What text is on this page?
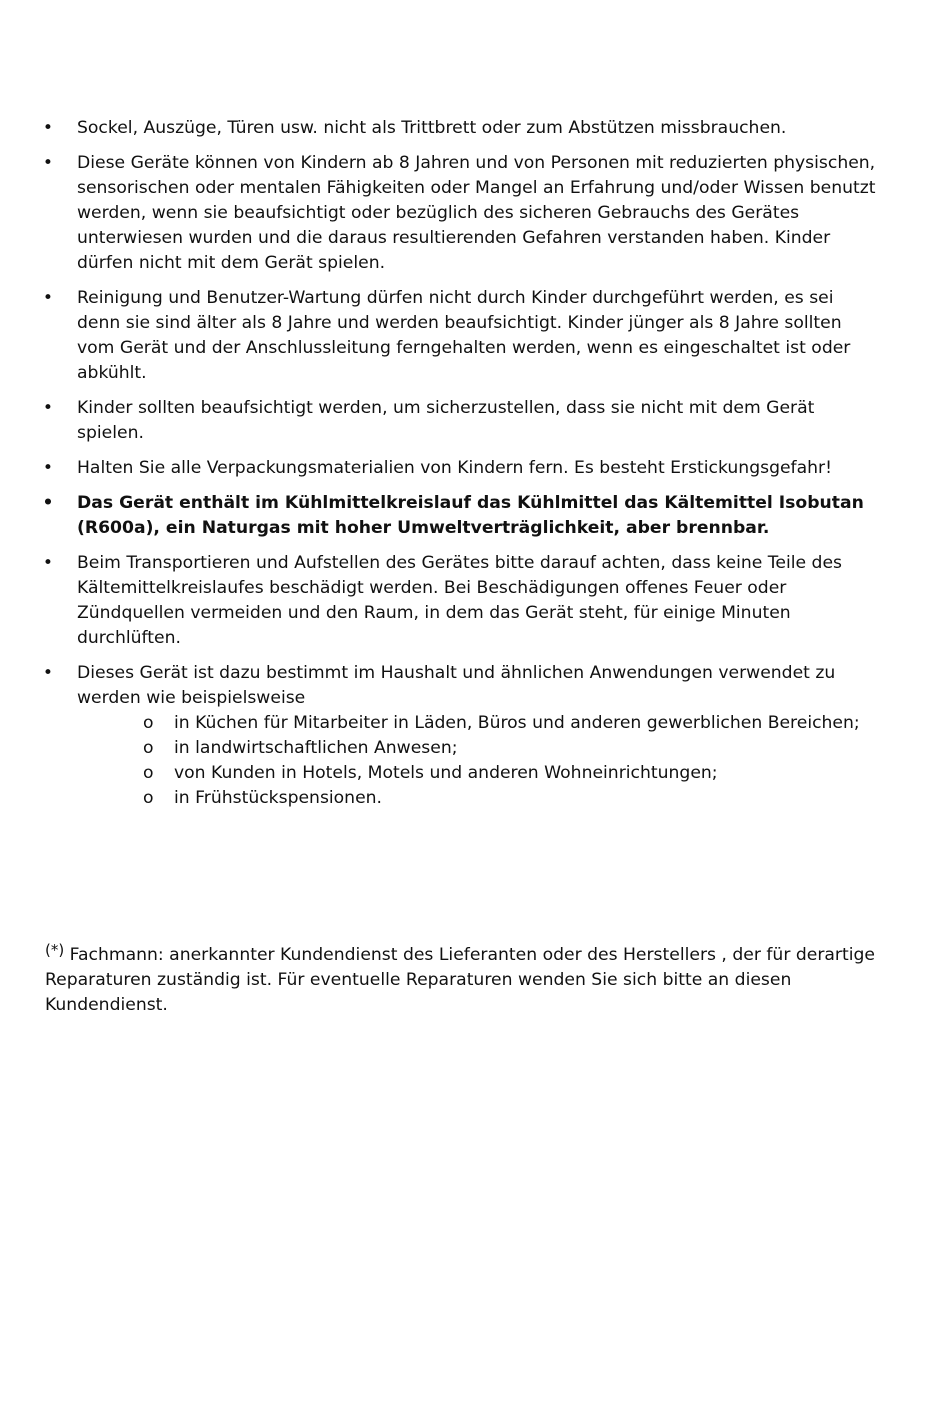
• Sockel, Auszüge, Türen usw. nicht als Trittbrett oder zum Abstützen missbrauchen.
• Diese Geräte können von Kindern ab 8 Jahren und von Personen mit reduzierten physischen, sensorischen oder mentalen Fähigkeiten oder Mangel an Erfahrung und/oder Wissen benutzt werden, wenn sie beaufsichtigt oder bezüglich des sicheren Gebrauchs des Gerätes unterwiesen wurden und die daraus resultierenden Gefahren verstanden haben. Kinder dürfen nicht mit dem Gerät spielen.
• Reinigung und Benutzer-Wartung dürfen nicht durch Kinder durchgeführt werden, es sei denn sie sind älter als 8 Jahre und werden beaufsichtigt. Kinder jünger als 8 Jahre sollten vom Gerät und der Anschlussleitung ferngehalten werden, wenn es eingeschaltet ist oder abkühlt.
• Kinder sollten beaufsichtigt werden, um sicherzustellen, dass sie nicht mit dem Gerät spielen.
• Halten Sie alle Verpackungsmaterialien von Kindern fern. Es besteht Erstickungsgefahr!
• Das Gerät enthält im Kühlmittelkreislauf das Kühlmittel das Kältemittel Isobutan (R600a), ein Naturgas mit hoher Umweltverträglichkeit, aber brennbar.
• Beim Transportieren und Aufstellen des Gerätes bitte darauf achten, dass keine Teile des Kältemittelkreislaufes beschädigt werden. Bei Beschädigungen offenes Feuer oder Zündquellen vermeiden und den Raum, in dem das Gerät steht, für einige Minuten durchlüften.
• Dieses Gerät ist dazu bestimmt im Haushalt und ähnlichen Anwendungen verwendet zu werden wie beispielsweise
o in Küchen für Mitarbeiter in Läden, Büros und anderen gewerblichen Bereichen;
o in landwirtschaftlichen Anwesen;
o von Kunden in Hotels, Motels und anderen Wohneinrichtungen;
o in Frühstückspensionen.

(*) Fachmann: anerkannter Kundendienst des Lieferanten oder des Herstellers , der für derartige Reparaturen zuständig ist. Für eventuelle Reparaturen wenden Sie sich bitte an diesen Kundendienst.
